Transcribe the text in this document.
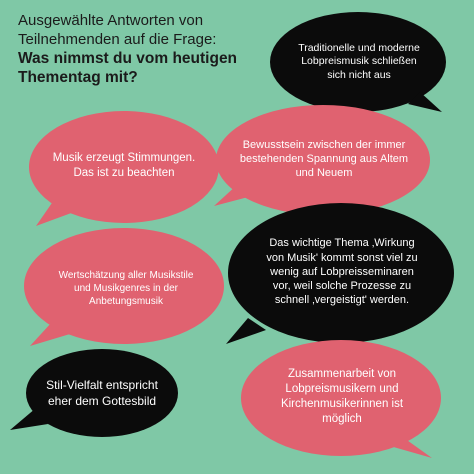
Ausgewählte Antworten von Teilnehmenden auf die Frage:
Was nimmst du vom heutigen Thementag mit?
Traditionelle und moderne Lobpreismusik schließen sich nicht aus
Bewusstsein zwischen der immer bestehenden Spannung aus Altem und Neuem
Musik erzeugt Stimmungen. Das ist zu beachten
Das wichtige Thema ‚Wirkung von Musik' kommt sonst viel zu wenig auf Lobpreisseminaren vor, weil solche Prozesse zu schnell ‚vergeistigt' werden.
Wertschätzung aller Musikstile und Musikgenres in der Anbetungsmusik
Stil-Vielfalt entspricht eher dem Gottesbild
Zusammenarbeit von Lobpreismusikern und Kirchenmusikerinnen ist möglich
